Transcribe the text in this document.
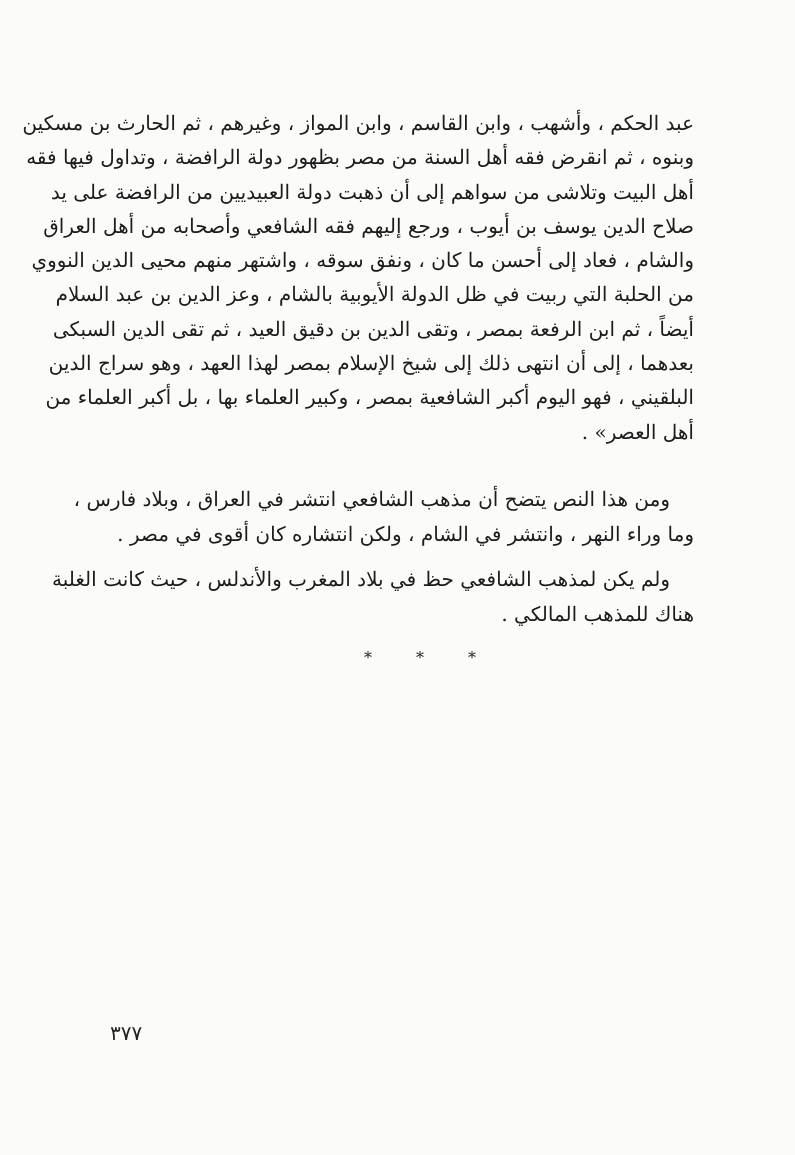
عبد الحكم ، وأشهب ، وابن القاسم ، وابن المواز ، وغيرهم ، ثم الحارث بن مسكين
وبنوه ، ثم انقرض فقه أهل السنة من مصر بظهور دولة الرافضة ، وتداول فيها فقه
أهل البيت وتلاشى من سواهم إلى أن ذهبت دولة العبيديين من الرافضة على يد
صلاح الدين يوسف بن أيوب ، ورجع إليهم فقه الشافعي وأصحابه من أهل العراق
والشام ، فعاد إلى أحسن ما كان ، ونفق سوقه ، واشتهر منهم محيى الدين النووي
من الحلبة التي ربيت في ظل الدولة الأيوبية بالشام ، وعز الدين بن عبد السلام
أيضاً ، ثم ابن الرفعة بمصر ، وتقى الدين بن دقيق العيد ، ثم تقى الدين السبكى
بعدهما ، إلى أن انتهى ذلك إلى شيخ الإسلام بمصر لهذا العهد ، وهو سراج الدين
البلقيني ، فهو اليوم أكبر الشافعية بمصر ، وكبير العلماء بها ، بل أكبر العلماء من
أهل العصر» .
ومن هذا النص يتضح أن مذهب الشافعي انتشر في العراق ، وبلاد فارس ،
وما وراء النهر ، وانتشر في الشام ، ولكن انتشاره كان أقوى في مصر .
ولم يكن لمذهب الشافعي حظ في بلاد المغرب والأندلس ، حيث كانت الغلبة
هناك للمذهب المالكي .
*	*	*
٣٧٧
